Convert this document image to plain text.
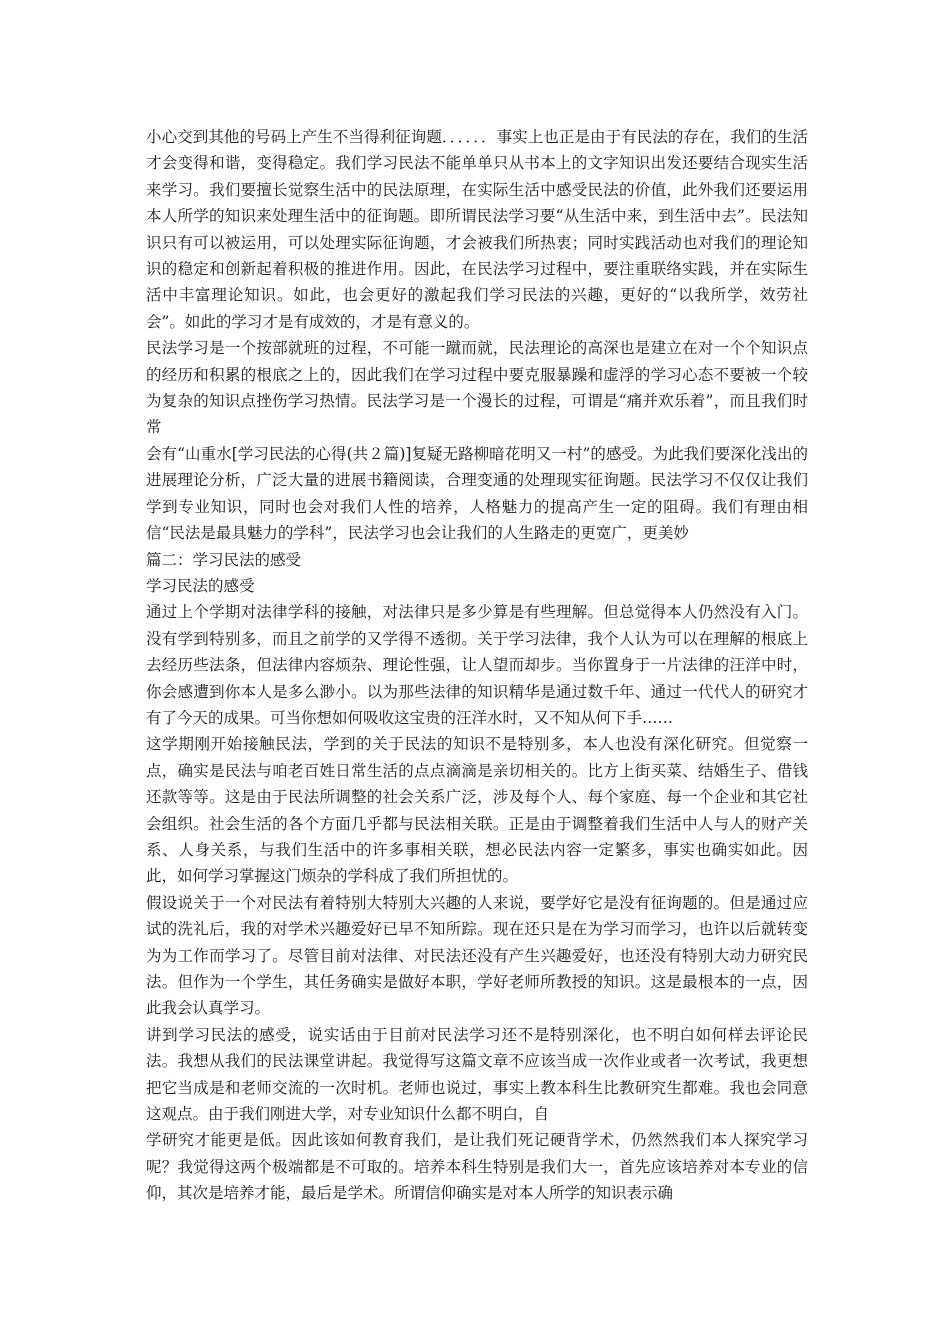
小心交到其他的号码上产生不当得利征询题．．．．．．事实上也正是由于有民法的存在，我们的生活才会变得和谐，变得稳定。我们学习民法不能单单只从书本上的文字知识出发还要结合现实生活来学习。我们要擅长觉察生活中的民法原理，在实际生活中感受民法的价值，此外我们还要运用本人所学的知识来处理生活中的征询题。即所谓民法学习要“从生活中来，到生活中去”。民法知识只有可以被运用，可以处理实际征询题，才会被我们所热衷；同时实践活动也对我们的理论知识的稳定和创新起着积极的推进作用。因此，在民法学习过程中，要注重联络实践，并在实际生活中丰富理论知识。如此，也会更好的激起我们学习民法的兴趣，更好的“以我所学，效劳社会”。如此的学习才是有成效的，才是有意义的。

民法学习是一个按部就班的过程，不可能一蹴而就，民法理论的高深也是建立在对一个个知识点的经历和积累的根底之上的，因此我们在学习过程中要克服暴躁和虚浮的学习心态不要被一个较为复杂的知识点挫伤学习热情。民法学习是一个漫长的过程，可谓是“痛并欢乐着”，而且我们时常

会有“山重水[学习民法的心得(共２篇)]复疑无路柳暗花明又一村”的感受。为此我们要深化浅出的进展理论分析，广泛大量的进展书籍阅读，合理变通的处理现实征询题。民法学习不仅仅让我们学到专业知识，同时也会对我们人性的培养，人格魅力的提高产生一定的阻碍。我们有理由相信“民法是最具魅力的学科”，民法学习也会让我们的人生路走的更宽广，更美妙

篇二：学习民法的感受

学习民法的感受

通过上个学期对法律学科的接触，对法律只是多少算是有些理解。但总觉得本人仍然没有入门。没有学到特别多，而且之前学的又学得不透彻。关于学习法律，我个人认为可以在理解的根底上去经历些法条，但法律内容烦杂、理论性强，让人望而却步。当你置身于一片法律的汪洋中时，你会感遭到你本人是多么渺小。以为那些法律的知识精华是通过数千年、通过一代代人的研究才有了今天的成果。可当你想如何吸收这宝贵的汪洋水时，又不知从何下手……

这学期刚开始接触民法，学到的关于民法的知识不是特别多，本人也没有深化研究。但觉察一点，确实是民法与咱老百姓日常生活的点点滴滴是亲切相关的。比方上街买菜、结婚生子、借钱还款等等。这是由于民法所调整的社会关系广泛，涉及每个人、每个家庭、每一个企业和其它社会组织。社会生活的各个方面几乎都与民法相关联。正是由于调整着我们生活中人与人的财产关系、人身关系，与我们生活中的许多事相关联，想必民法内容一定繁多，事实也确实如此。因此，如何学习掌握这门烦杂的学科成了我们所担忧的。

假设说关于一个对民法有着特别大特别大兴趣的人来说，要学好它是没有征询题的。但是通过应试的洗礼后，我的对学术兴趣爱好已早不知所踪。现在还只是在为学习而学习，也许以后就转变为为工作而学习了。尽管目前对法律、对民法还没有产生兴趣爱好，也还没有特别大动力研究民法。但作为一个学生，其任务确实是做好本职，学好老师所教授的知识。这是最根本的一点，因此我会认真学习。

讲到学习民法的感受，说实话由于目前对民法学习还不是特别深化，也不明白如何样去评论民法。我想从我们的民法课堂讲起。我觉得写这篇文章不应该当成一次作业或者一次考试，我更想把它当成是和老师交流的一次时机。老师也说过，事实上教本科生比教研究生都难。我也会同意这观点。由于我们刚进大学，对专业知识什么都不明白，自

学研究才能更是低。因此该如何教育我们，是让我们死记硬背学术，仍然然我们本人探究学习呢？我觉得这两个极端都是不可取的。培养本科生特别是我们大一，首先应该培养对本专业的信仰，其次是培养才能，最后是学术。所谓信仰确实是对本人所学的知识表示确
